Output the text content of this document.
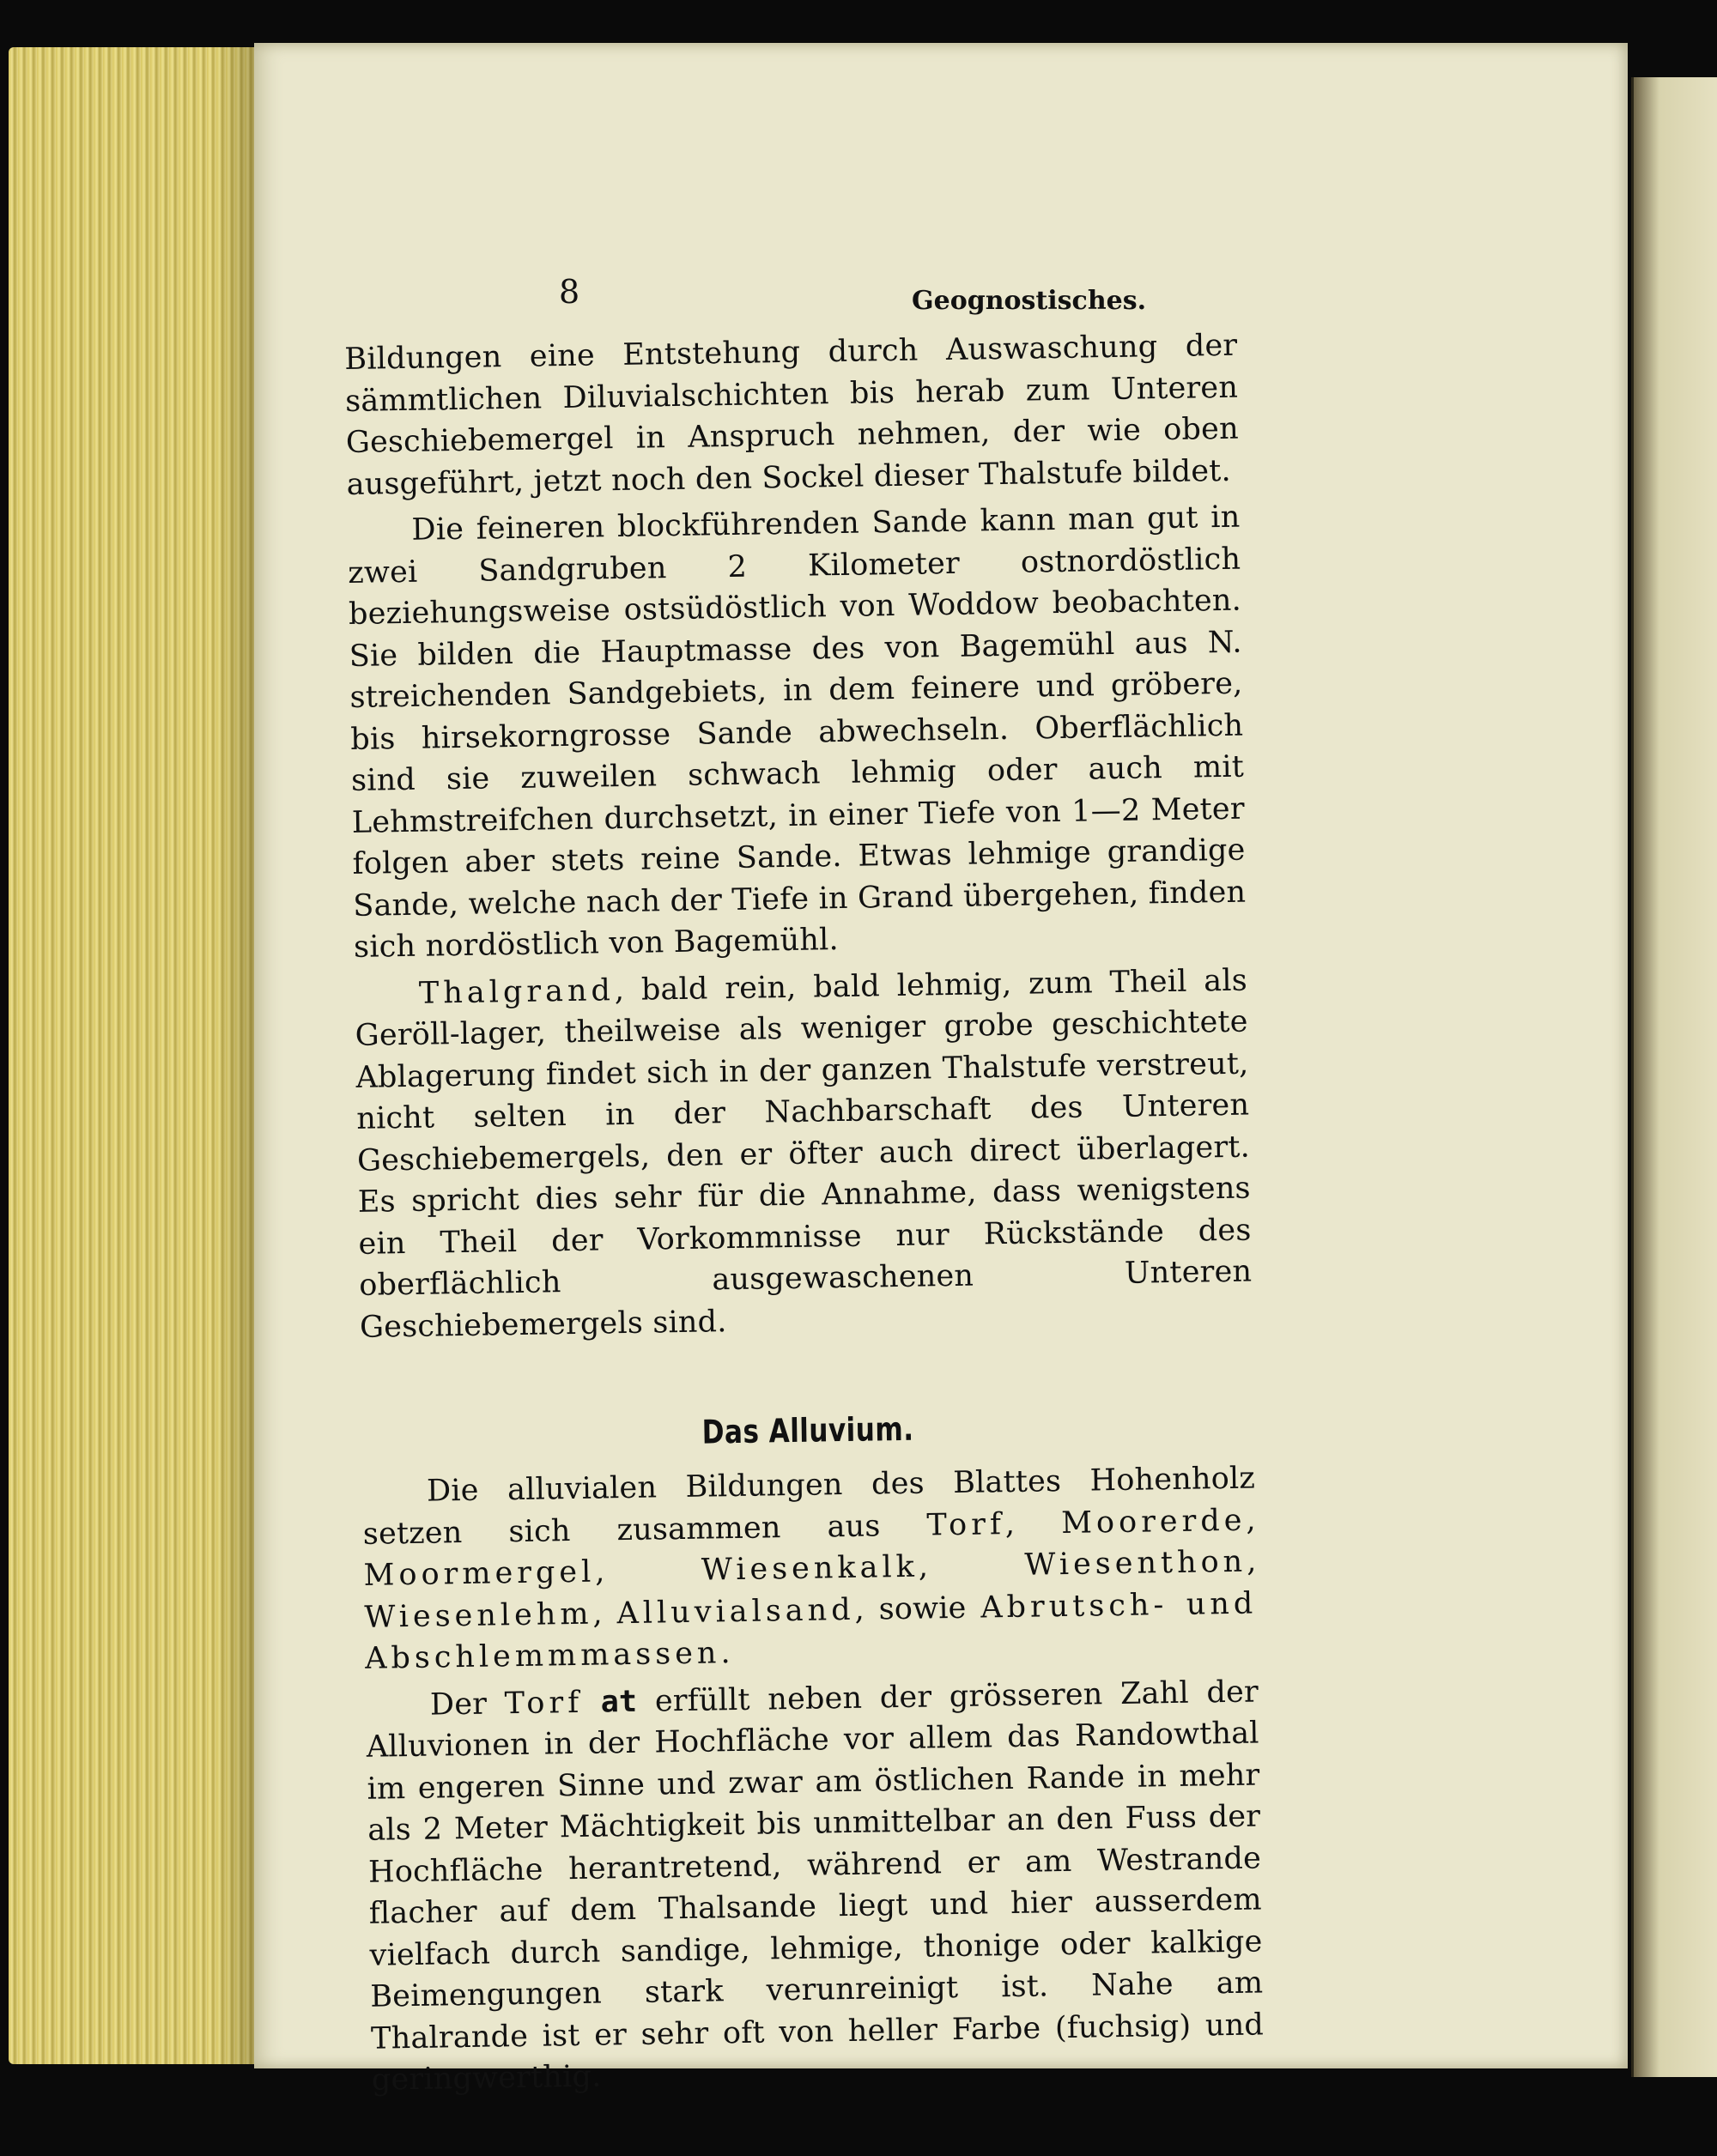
8	Geognostisches.

Bildungen eine Entstehung durch Auswaschung der sämmtlichen Diluvialschichten bis herab zum Unteren Geschiebemergel in Anspruch nehmen, der wie oben ausgeführt, jetzt noch den Sockel dieser Thalstufe bildet.

Die feineren blockführenden Sande kann man gut in zwei Sandgruben 2 Kilometer ostnordöstlich beziehungsweise ostsüdöstlich von Woddow beobachten. Sie bilden die Hauptmasse des von Bagemühl aus N. streichenden Sandgebiets, in dem feinere und gröbere, bis hirsekorngrosse Sande abwechseln. Oberflächlich sind sie zuweilen schwach lehmig oder auch mit Lehmstreifchen durchsetzt, in einer Tiefe von 1—2 Meter folgen aber stets reine Sande. Etwas lehmige grandige Sande, welche nach der Tiefe in Grand übergehen, finden sich nordöstlich von Bagemühl.

Thalgrand, bald rein, bald lehmig, zum Theil als Geröll-lager, theilweise als weniger grobe geschichtete Ablagerung findet sich in der ganzen Thalstufe verstreut, nicht selten in der Nachbarschaft des Unteren Geschiebemergels, den er öfter auch direct überlagert. Es spricht dies sehr für die Annahme, dass wenigstens ein Theil der Vorkommnisse nur Rückstände des oberflächlich ausgewaschenen Unteren Geschiebemergels sind.

Das Alluvium.

Die alluvialen Bildungen des Blattes Hohenholz setzen sich zusammen aus Torf, Moorerde, Moormergel, Wiesenkalk, Wiesenthon, Wiesenlehm, Alluvialsand, sowie Abrutsch- und Abschlemmmassen.

Der Torf at erfüllt neben der grösseren Zahl der Alluvionen in der Hochfläche vor allem das Randowthal im engeren Sinne und zwar am östlichen Rande in mehr als 2 Meter Mächtigkeit bis unmittelbar an den Fuss der Hochfläche herantretend, während er am Westrande flacher auf dem Thalsande liegt und hier ausserdem vielfach durch sandige, lehmige, thonige oder kalkige Beimengungen stark verunreinigt ist. Nahe am Thalrande ist er sehr oft von heller Farbe (fuchsig) und geringwerthig.
